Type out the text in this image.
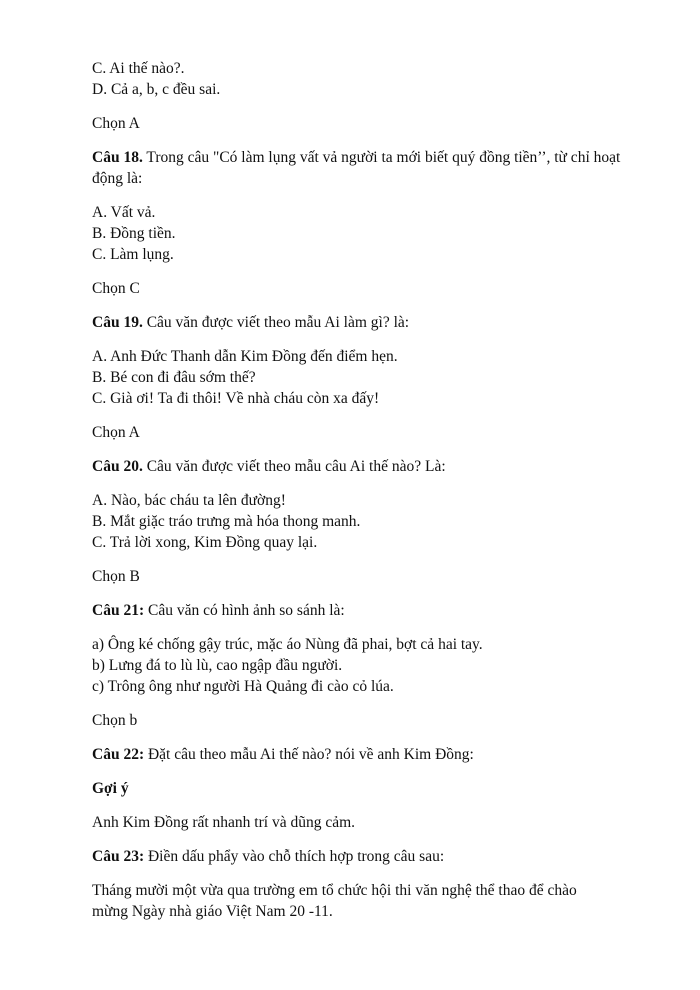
C. Ai thế nào?.
D. Cả a, b, c đều sai.
Chọn A
Câu 18. Trong câu "Có làm lụng vất vả người ta mới biết quý đồng tiền’’, từ chỉ hoạt động là:
A. Vất vả.
B. Đồng tiền.
C. Làm lụng.
Chọn C
Câu 19. Câu văn được viết theo mẫu Ai làm gì? là:
A. Anh Đức Thanh dẫn Kim Đồng đến điểm hẹn.
B. Bé con đi đâu sớm thế?
C. Già ơi! Ta đi thôi! Về nhà cháu còn xa đấy!
Chọn A
Câu 20. Câu văn được viết theo mẫu câu Ai thế nào? Là:
A. Nào, bác cháu ta lên đường!
B. Mắt giặc tráo trưng mà hóa thong manh.
C. Trả lời xong, Kim Đồng quay lại.
Chọn B
Câu 21: Câu văn có hình ảnh so sánh là:
a) Ông ké chống gậy trúc, mặc áo Nùng đã phai, bợt cả hai tay.
b) Lưng đá to lù lù, cao ngập đầu người.
c) Trông ông như người Hà Quảng đi cào cỏ lúa.
Chọn b
Câu 22: Đặt câu theo mẫu Ai thế nào? nói về anh Kim Đồng:
Gợi ý
Anh Kim Đồng rất nhanh trí và dũng cảm.
Câu 23: Điền dấu phẩy vào chỗ thích hợp trong câu sau:
Tháng mười một vừa qua trường em tổ chức hội thi văn nghệ thể thao để chào
mừng Ngày nhà giáo Việt Nam 20 -11.
